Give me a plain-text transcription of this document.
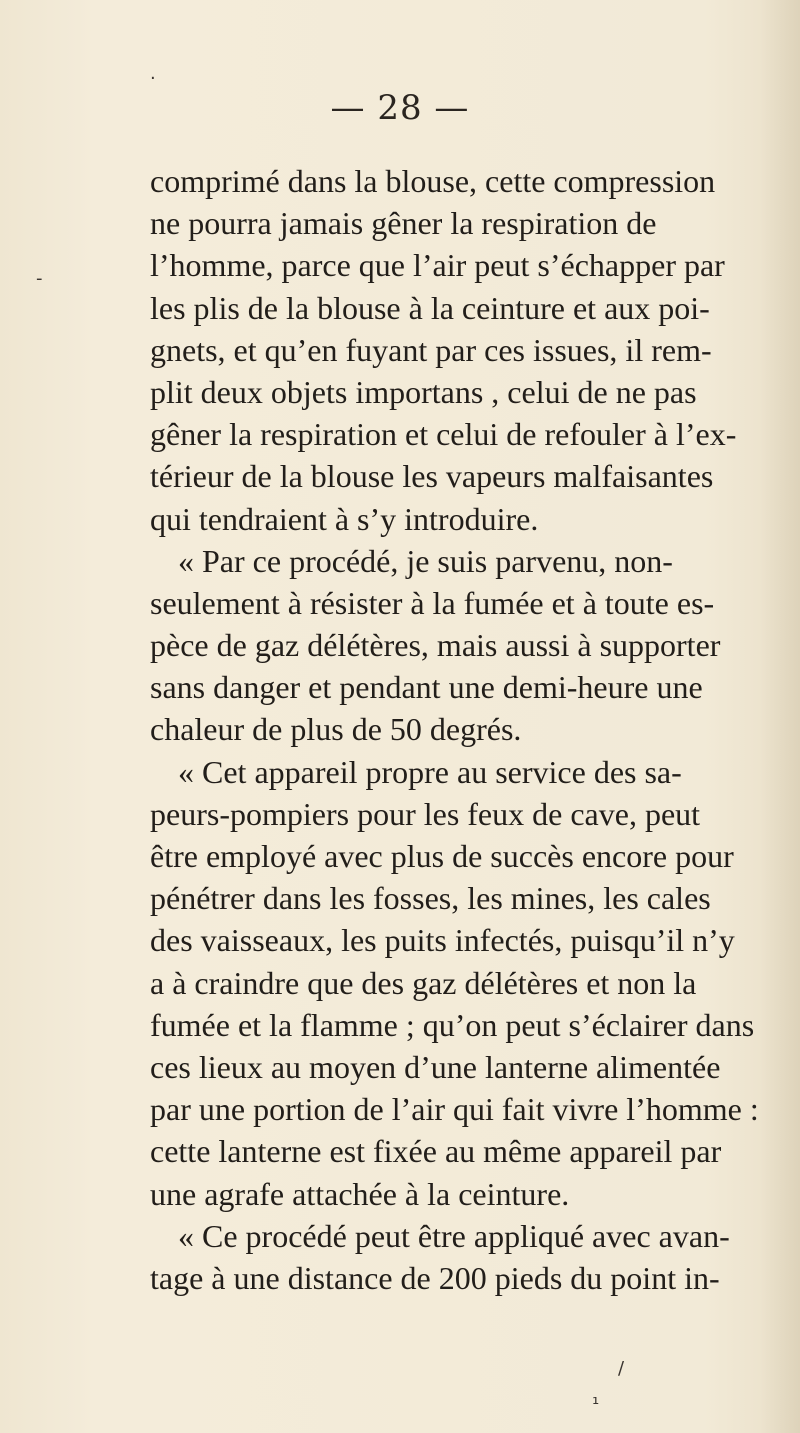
— 28 —
·
-
comprimé dans la blouse, cette compression
ne pourra jamais gêner la respiration de
l’homme, parce que l’air peut s’échapper par
les plis de la blouse à la ceinture et aux poi-
gnets, et qu’en fuyant par ces issues, il rem-
plit deux objets importans , celui de ne pas
gêner la respiration et celui de refouler à l’ex-
térieur de la blouse les vapeurs malfaisantes
qui tendraient à s’y introduire.
« Par ce procédé, je suis parvenu, non-
seulement à résister à la fumée et à toute es-
pèce de gaz délétères, mais aussi à supporter
sans danger et pendant une demi-heure une
chaleur de plus de 50 degrés.
« Cet appareil propre au service des sa-
peurs-pompiers pour les feux de cave, peut
être employé avec plus de succès encore pour
pénétrer dans les fosses, les mines, les cales
des vaisseaux, les puits infectés, puisqu’il n’y
a à craindre que des gaz délétères et non la
fumée et la flamme ; qu’on peut s’éclairer dans
ces lieux au moyen d’une lanterne alimentée
par une portion de l’air qui fait vivre l’homme :
cette lanterne est fixée au même appareil par
une agrafe attachée à la ceinture.
« Ce procédé peut être appliqué avec avan-
tage à une distance de 200 pieds du point in-
/
¹
